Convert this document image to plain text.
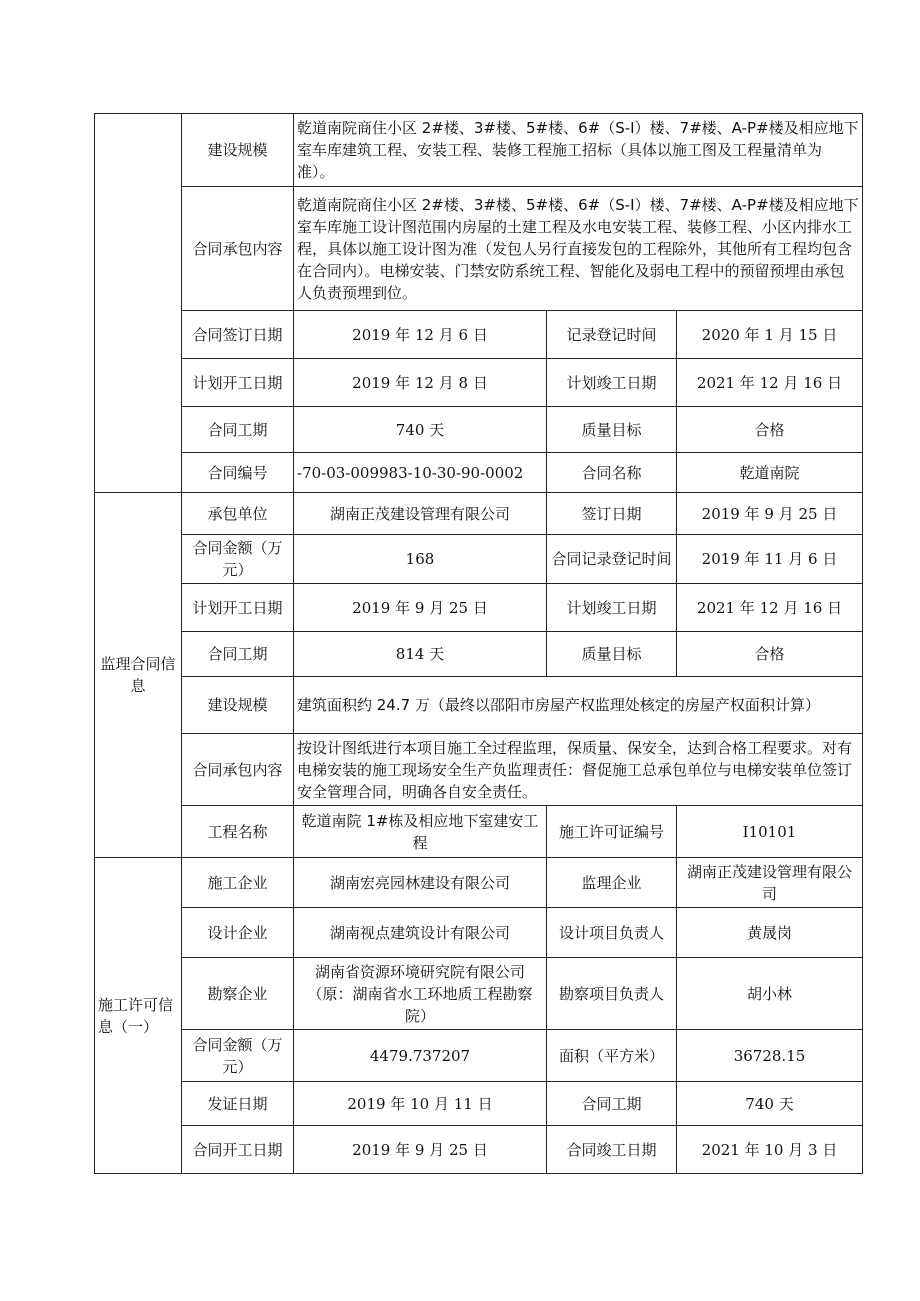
	建设规模	乾道南院商住小区 2#楼、3#楼、5#楼、6#（S-I）楼、7#楼、A-P#楼及相应地下室车库建筑工程、安装工程、装修工程施工招标（具体以施工图及工程量清单为准）。		
	合同承包内容	乾道南院商住小区 2#楼、3#楼、5#楼、6#（S-I）楼、7#楼、A-P#楼及相应地下室车库施工设计图范围内房屋的土建工程及水电安装工程、装修工程、小区内排水工程，具体以施工设计图为准（发包人另行直接发包的工程除外，其他所有工程均包含在合同内）。电梯安装、门禁安防系统工程、智能化及弱电工程中的预留预埋由承包人负责预埋到位。		
	合同签订日期	2019 年 12 月 6 日	记录登记时间	2020 年 1 月 15 日
	计划开工日期	2019 年 12 月 8 日	计划竣工日期	2021 年 12 月 16 日
	合同工期	740 天	质量目标	合格
	合同编号	-70-03-009983-10-30-90-0002	合同名称	乾道南院
监理合同信息	承包单位	湖南正茂建设管理有限公司	签订日期	2019 年 9 月 25 日
	合同金额（万元）	168	合同记录登记时间	2019 年 11 月 6 日
	计划开工日期	2019 年 9 月 25 日	计划竣工日期	2021 年 12 月 16 日
	合同工期	814 天	质量目标	合格
	建设规模	建筑面积约 24.7 万（最终以邵阳市房屋产权监理处核定的房屋产权面积计算）		
	合同承包内容	按设计图纸进行本项目施工全过程监理，保质量、保安全，达到合格工程要求。对有电梯安装的施工现场安全生产负监理责任：督促施工总承包单位与电梯安装单位签订安全管理合同，明确各自安全责任。		
	工程名称	乾道南院 1#栋及相应地下室建安工程	施工许可证编号	I10101
施工许可信息（一）	施工企业	湖南宏亮园林建设有限公司	监理企业	湖南正茂建设管理有限公司
	设计企业	湖南视点建筑设计有限公司	设计项目负责人	黄晟岗
	勘察企业	湖南省资源环境研究院有限公司（原：湖南省水工环地质工程勘察院）	勘察项目负责人	胡小林
	合同金额（万元）	4479.737207	面积（平方米）	36728.15
	发证日期	2019 年 10 月 11 日	合同工期	740 天
	合同开工日期	2019 年 9 月 25 日	合同竣工日期	2021 年 10 月 3 日
